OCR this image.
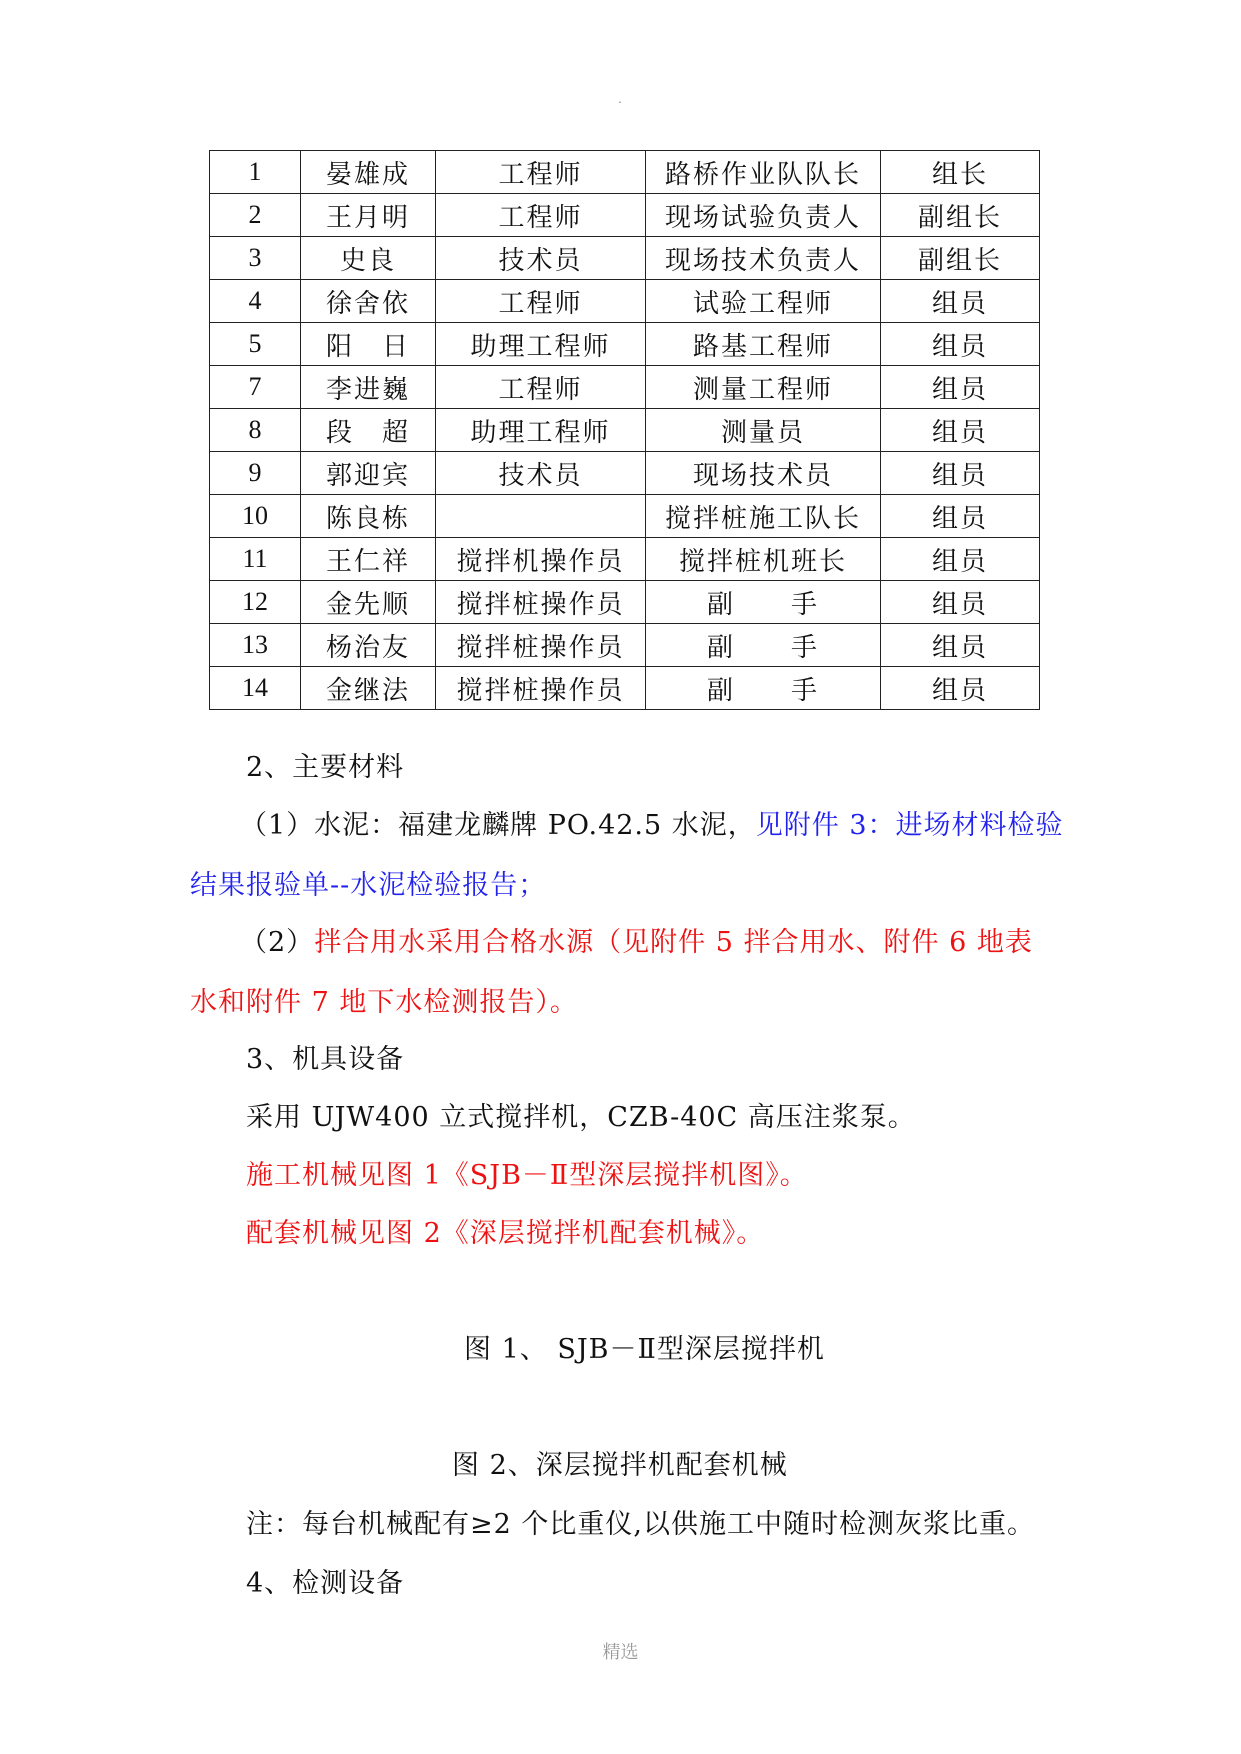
.
1	晏雄成	工程师	路桥作业队队长	组长
2	王月明	工程师	现场试验负责人	副组长
3	史良	技术员	现场技术负责人	副组长
4	徐舍依	工程师	试验工程师	组员
5	阳　日	助理工程师	路基工程师	组员
7	李进巍	工程师	测量工程师	组员
8	段　超	助理工程师	测量员	组员
9	郭迎宾	技术员	现场技术员	组员
10	陈良栋		搅拌桩施工队长	组员
11	王仁祥	搅拌机操作员	搅拌桩机班长	组员
12	金先顺	搅拌桩操作员	副　　手	组员
13	杨治友	搅拌桩操作员	副　　手	组员
14	金继法	搅拌桩操作员	副　　手	组员
2、主要材料
（1）水泥：福建龙麟牌 PO.42.5 水泥，见附件 3：进场材料检验
结果报验单--水泥检验报告；
（2）拌合用水采用合格水源（见附件 5 拌合用水、附件 6 地表
水和附件 7 地下水检测报告）。
3、机具设备
采用 UJW400 立式搅拌机，CZB-40C 高压注浆泵。
施工机械见图 1《SJB－Ⅱ型深层搅拌机图》。
配套机械见图 2《深层搅拌机配套机械》。
图 1、 SJB－Ⅱ型深层搅拌机
图 2、深层搅拌机配套机械
注：每台机械配有≥2 个比重仪,以供施工中随时检测灰浆比重。
4、检测设备
精选
